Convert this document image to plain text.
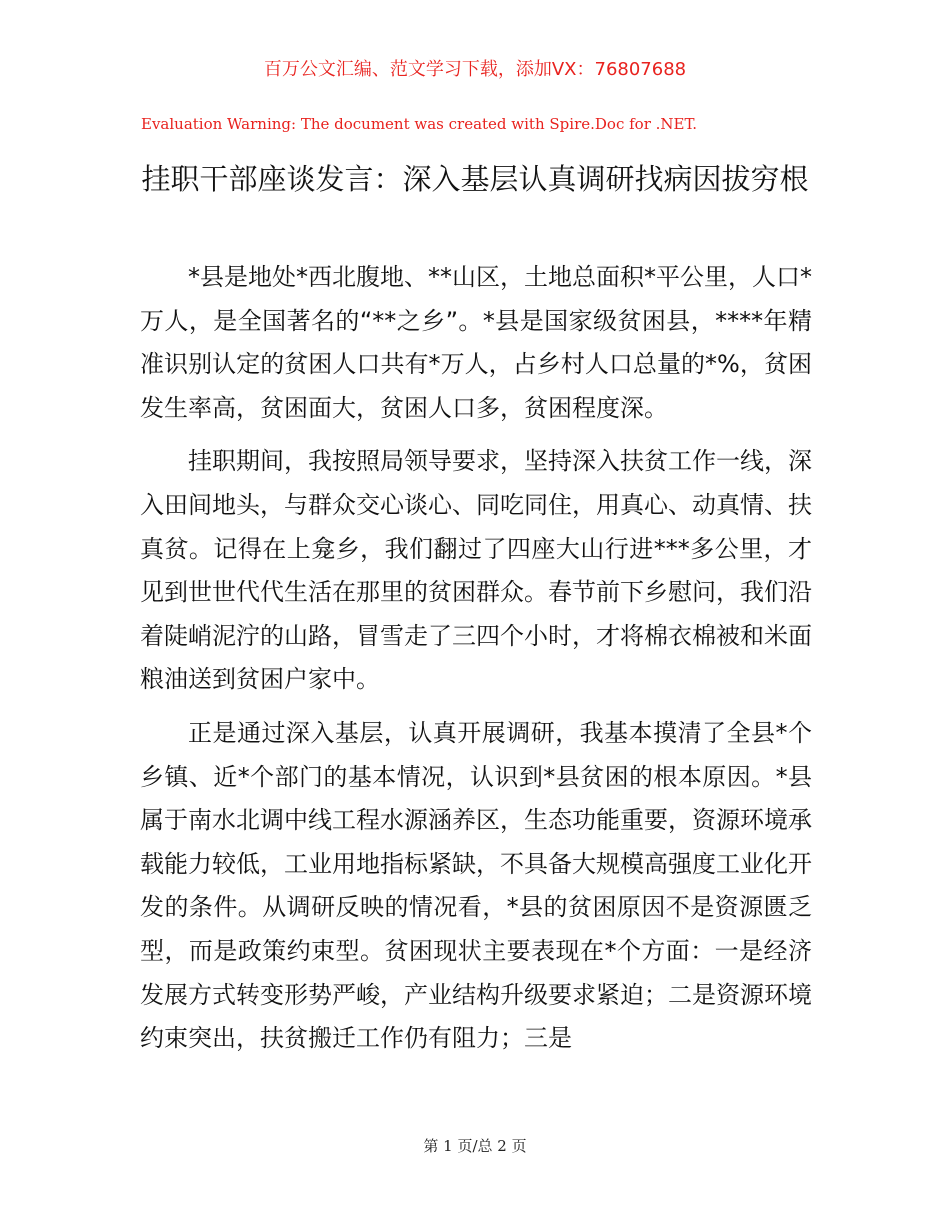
百万公文汇编、范文学习下载，添加VX：76807688
Evaluation Warning: The document was created with Spire.Doc for .NET.
挂职干部座谈发言：深入基层认真调研找病因拔穷根

*县是地处*西北腹地、**山区，土地总面积*平公里，人口*万人，是全国著名的“**之乡”。*县是国家级贫困县，****年精准识别认定的贫困人口共有*万人，占乡村人口总量的*%，贫困发生率高，贫困面大，贫困人口多，贫困程度深。

挂职期间，我按照局领导要求，坚持深入扶贫工作一线，深入田间地头，与群众交心谈心、同吃同住，用真心、动真情、扶真贫。记得在上龛乡，我们翻过了四座大山行进***多公里，才见到世世代代生活在那里的贫困群众。春节前下乡慰问，我们沿着陡峭泥泞的山路，冒雪走了三四个小时，才将棉衣棉被和米面粮油送到贫困户家中。

正是通过深入基层，认真开展调研，我基本摸清了全县*个乡镇、近*个部门的基本情况，认识到*县贫困的根本原因。*县属于南水北调中线工程水源涵养区，生态功能重要，资源环境承载能力较低，工业用地指标紧缺，不具备大规模高强度工业化开发的条件。从调研反映的情况看，*县的贫困原因不是资源匮乏型，而是政策约束型。贫困现状主要表现在*个方面：一是经济发展方式转变形势严峻，产业结构升级要求紧迫；二是资源环境约束突出，扶贫搬迁工作仍有阻力；三是

第 1 页/总 2 页
